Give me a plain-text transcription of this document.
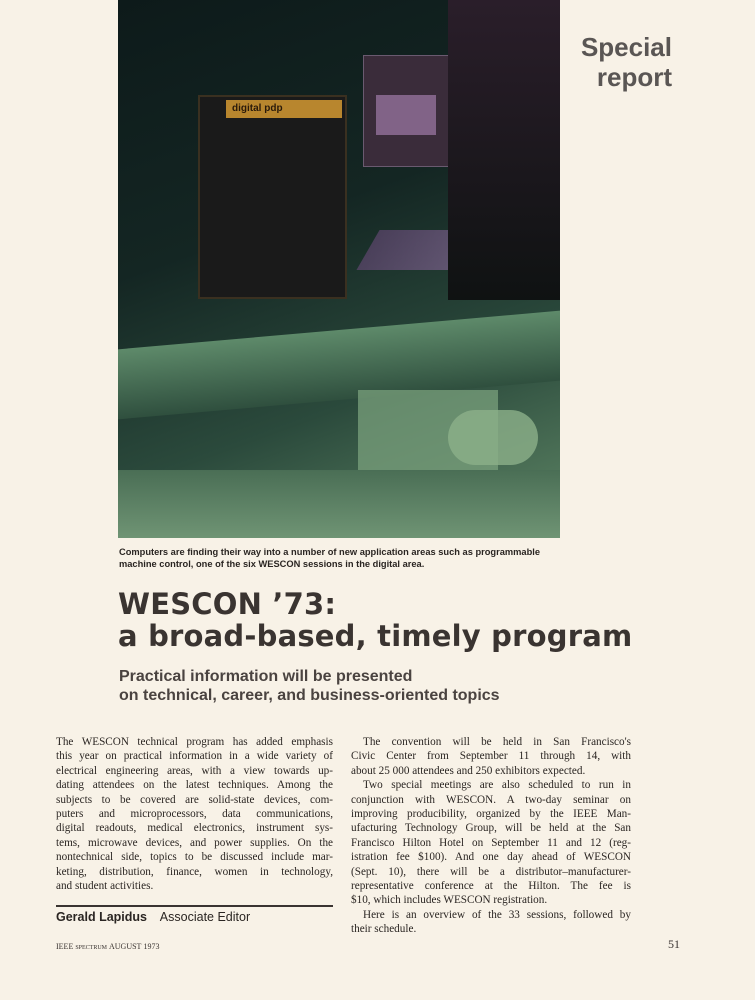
digital pdp
Special
report
Computers are finding their way into a number of new application areas such as programmable machine control, one of the six WESCON sessions in the digital area.
WESCON ’73:
a broad-based, timely program
Practical information will be presented
on technical, career, and business-oriented topics
The WESCON technical program has added emphasis
this year on practical information in a wide variety of
electrical engineering areas, with a view towards up-
dating attendees on the latest techniques. Among the
subjects to be covered are solid-state devices, com-
puters and microprocessors, data communications,
digital readouts, medical electronics, instrument sys-
tems, microwave devices, and power supplies. On the
nontechnical side, topics to be discussed include mar-
keting, distribution, finance, women in technology,
and student activities.
The convention will be held in San Francisco's
Civic Center from September 11 through 14, with
about 25 000 attendees and 250 exhibitors expected.
Two special meetings are also scheduled to run in
conjunction with WESCON. A two-day seminar on
improving producibility, organized by the IEEE Man-
ufacturing Technology Group, will be held at the San
Francisco Hilton Hotel on September 11 and 12 (reg-
istration fee $100). And one day ahead of WESCON
(Sept. 10), there will be a distributor–manufacturer-
representative conference at the Hilton. The fee is
$10, which includes WESCON registration.
Here is an overview of the 33 sessions, followed by
their schedule.
Gerald Lapidus Associate Editor
IEEE spectrum AUGUST 1973	51
